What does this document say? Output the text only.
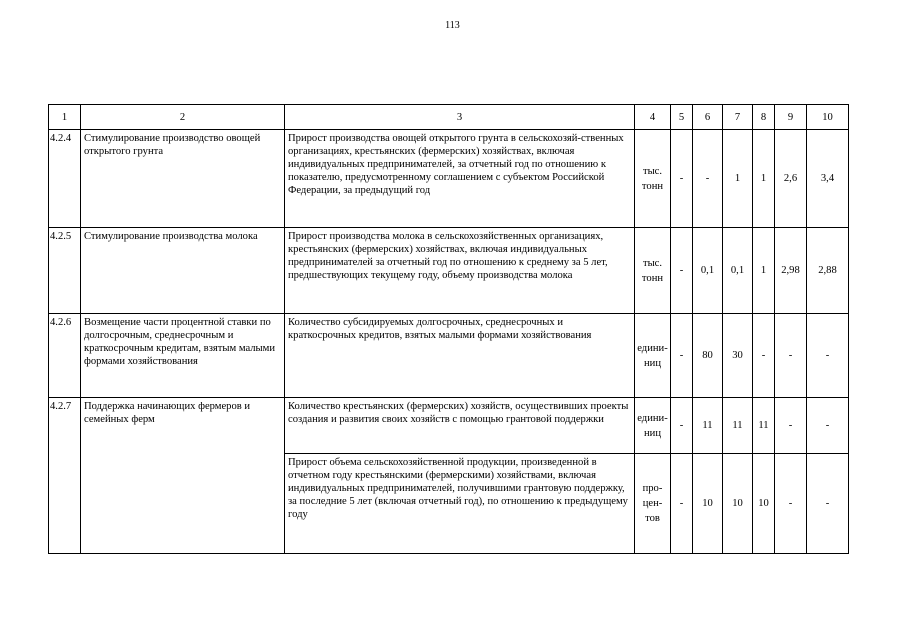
113
1	2	3	4	5	6	7	8	9	10
4.2.4	Стимулирование производство овощей открытого грунта	Прирост производства овощей открытого грунта в сельскохозяй-ственных организациях, крестьянских (фермерских) хозяйствах, включая индивидуальных предпринимателей, за отчетный год по отношению к показателю, предусмотренному соглашением с субъектом Российской Федерации, за предыдущий год	тыс. тонн	-	-	1	1	2,6	3,4
4.2.5	Стимулирование производства молока	Прирост производства молока в сельскохозяйственных организациях, крестьянских (фермерских) хозяйствах, включая индивидуальных предпринимателей за отчетный год по отношению к среднему за 5 лет, предшествующих текущему году, объему производства молока	тыс. тонн	-	0,1	0,1	1	2,98	2,88
4.2.6	Возмещение части процентной ставки по долгосрочным, среднесрочным и краткосрочным кредитам, взятым малыми формами хозяйствования	Количество субсидируемых долгосрочных, среднесрочных и краткосрочных кредитов, взятых малыми формами хозяйствования	едини-ниц	-	80	30	-	-	-
4.2.7	Поддержка начинающих фермеров и семейных ферм	Количество крестьянских (фермерских) хозяйств, осуществивших проекты создания и развития своих хозяйств с помощью грантовой поддержки	едини-ниц	-	11	11	11	-	-
		Прирост объема сельскохозяйственной продукции, произведенной в отчетном году крестьянскими (фермерскими) хозяйствами, включая индивидуальных предпринимателей, получившими грантовую поддержку, за последние 5 лет (включая отчетный год), по отношению к предыдущему году	про-цен-тов	-	10	10	10	-	-
